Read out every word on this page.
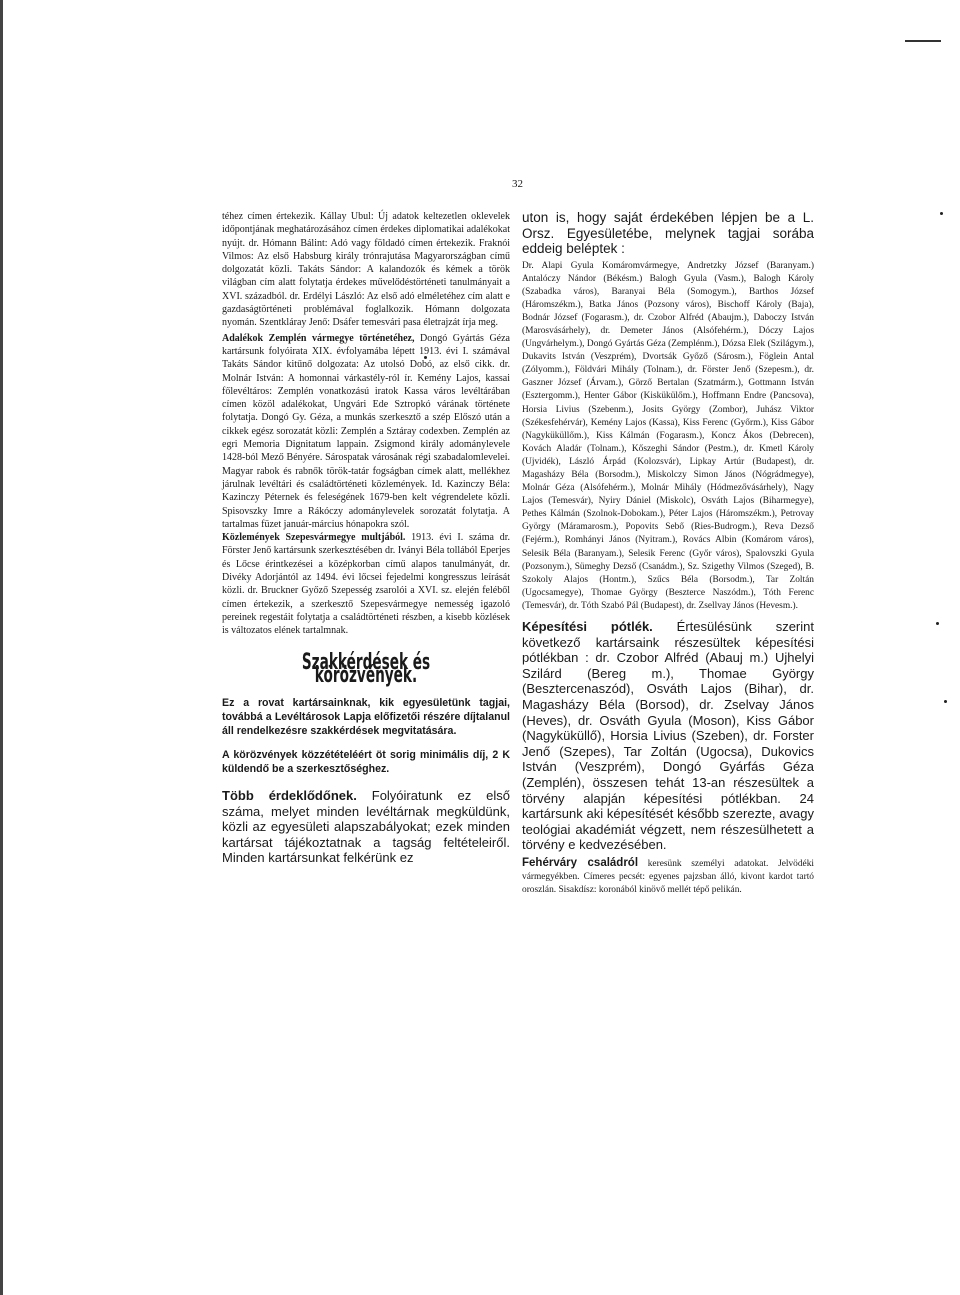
32

téhez címen értekezik. Kállay Ubul: Új adatok keltezetlen oklevelek időpontjának meghatározásához címen érdekes diplomatikai adalékokat nyújt. dr. Hómann Bálint: Adó vagy földadó címen értekezik. Fraknói Vilmos: Az első Habsburg király trónrajutása Magyarországban című dolgozatát közli. Takáts Sándor: A kalandozók és kémek a török világban cím alatt folytatja érdekes művelődéstörténeti tanulmányait a XVI. századból. dr. Erdélyi László: Az első adó elméletéhez cím alatt e gazdaságtörténeti problémával foglalkozik. Hómann dolgozata nyomán. Szentkláray Jenő: Dsáfer temesvári pasa életrajzát írja meg.

Adalékok Zemplén vármegye történetéhez, Dongó Gyártás Géza kartársunk folyóirata XIX. évfolyamába lépett 1913. évi I. számával Takáts Sándor kitűnő dolgozata: Az utolsó Dobó, az első cikk. dr. Molnár István: A homonnai várkastély-ról ír. Kemény Lajos, kassai főlevéltáros: Zemplén vonatkozású iratok Kassa város levéltárában címen közöl adalékokat, Ungvári Ede Sztropkó várának története folytatja. Dongó Gy. Géza, a munkás szerkesztő a szép Előszó után a cikkek egész sorozatát közli: Zemplén a Sztáray codexben. Zemplén az egri Memoria Dignitatum lappain. Zsigmond király adománylevele 1428-ból Mező Bényére. Sárospatak városának régi szabadalomlevelei. Magyar rabok és rabnők török-tatár fogságban címek alatt, mellékhez járulnak levéltári és családtörténeti közlemények. Id. Kazinczy Béla: Kazinczy Péternek és feleségének 1679-ben kelt végrendelete közli. Spisovszky Imre a Rákóczy adománylevelek sorozatát folytatja. A tartalmas füzet január-március hónapokra szól.

Közlemények Szepesvármegye multjából. 1913. évi I. száma dr. Förster Jenő kartársunk szerkesztésében dr. Iványi Béla tollából Eperjes és Lőcse érintkezései a középkorban című alapos tanulmányát, dr. Divéky Adorjántól az 1494. évi lőcsei fejedelmi kongresszus leírását közli. dr. Bruckner Győző Szepesség zsarolói a XVI. sz. elején feléből címen értekezik, a szerkesztő Szepesvármegye nemesség igazoló pereinek regestáit folytatja a családtörténeti részben, a kisebb közlések is változatos elének tartalmnak.

Szakkérdések és körözvények.

Ez a rovat kartársainknak, kik egyesületünk tagjai, továbbá a Levéltárosok Lapja előfizetői részére díjtalanul áll rendelkezésre szakkérdések megvitatására.

A körözvények közzétételéért öt sorig minimális díj, 2 K küldendő be a szerkesztőséghez.

Több érdeklődőnek. Folyóiratunk ez első száma, melyet minden levéltárnak megküldünk, közli az egyesületi alapszabályokat; ezek minden kartársat tájékoztatnak a tagság feltételeiről. Minden kartársunkat felkérünk ez

uton is, hogy saját érdekében lépjen be a L. Orsz. Egyesületébe, melynek tagjai sorába eddeig beléptek :

Dr. Alapi Gyula Komáromvármegye, Andretzky József (Baranyam.) Antalóczy Nándor (Békésm.) Balogh Gyula (Vasm.), Balogh Károly (Szabadka város), Baranyai Béla (Somogym.), Barthos József (Háromszékm.), Batka János (Pozsony város), Bischoff Károly (Baja), Bodnár József (Fogarasm.), dr. Czobor Alfréd (Abaujm.), Daboczy István (Marosvásárhely), dr. Demeter János (Alsófehérm.), Dóczy Lajos (Ungvárhelym.), Dongó Gyártás Géza (Zemplénm.), Dózsa Elek (Szilágym.), Dukavits István (Veszprém), Dvortsák Győző (Sárosm.), Föglein Antal (Zólyomm.), Földvári Mihály (Tolnam.), dr. Förster Jenő (Szepesm.), dr. Gaszner József (Árvam.), Görző Bertalan (Szatmárm.), Gottmann István (Esztergomm.), Henter Gábor (Kiskükülőm.), Hoffmann Endre (Pancsova), Horsia Livius (Szebenm.), Josits György (Zombor), Juhász Viktor (Székesfehérvár), Kemény Lajos (Kassa), Kiss Ferenc (Győrm.), Kiss Gábor (Nagyküküllőm.), Kiss Kálmán (Fogarasm.), Koncz Ákos (Debrecen), Kovách Aladár (Tolnam.), Kőszeghi Sándor (Pestm.), dr. Kmetl Károly (Ujvidék), László Árpád (Kolozsvár), Lipkay Artúr (Budapest), dr. Magasházy Béla (Borsodm.), Miskolczy Simon János (Nógrádmegye), Molnár Géza (Alsófehérm.), Molnár Mihály (Hódmezővásárhely), Nagy Lajos (Temesvár), Nyiry Dániel (Miskolc), Osváth Lajos (Biharmegye), Pethes Kálmán (Szolnok-Dobokam.), Péter Lajos (Háromszékm.), Petrovay György (Máramarosm.), Popovits Sebő (Ries-Budrogm.), Reva Dezső (Fejérm.), Romhányi János (Nyitram.), Rovács Albin (Komárom város), Selesik Béla (Baranyam.), Selesik Ferenc (Győr város), Spalovszki Gyula (Pozsonym.), Sümeghy Dezső (Csanádm.), Sz. Szigethy Vilmos (Szeged), B. Szokoly Alajos (Hontm.), Szűcs Béla (Borsodm.), Tar Zoltán (Ugocsamegye), Thomae György (Beszterce Naszódm.), Tóth Ferenc (Temesvár), dr. Tóth Szabó Pál (Budapest), dr. Zsellvay János (Hevesm.).

Képesítési pótlék. Értesülésünk szerint következő kartársaink részesültek képesítési pótlékban : dr. Czobor Alfréd (Abauj m.) Ujhelyi Szilárd (Bereg m.), Thomae György (Besztercenaszód), Osváth Lajos (Bihar), dr. Magasházy Béla (Borsod), dr. Zselvay János (Heves), dr. Osváth Gyula (Moson), Kiss Gábor (Nagyküküllő), Horsia Livius (Szeben), dr. Forster Jenő (Szepes), Tar Zoltán (Ugocsa), Dukovics István (Veszprém), Dongó Gyárfás Géza (Zemplén), összesen tehát 13-an részesültek a törvény alapján képesítési pótlékban. 24 kartársunk aki képesítését később szerezte, avagy teológiai akadémiát végzett, nem részesülhetett a törvény e kedvezésében.

Fehérváry családról keresünk személyi adatokat. Jelvödéki vármegyékben. Címeres pecsét: egyenes pajzsban álló, kivont kardot tartó oroszlán. Sisakdísz: koronából kinövő mellét tépő pelikán.
